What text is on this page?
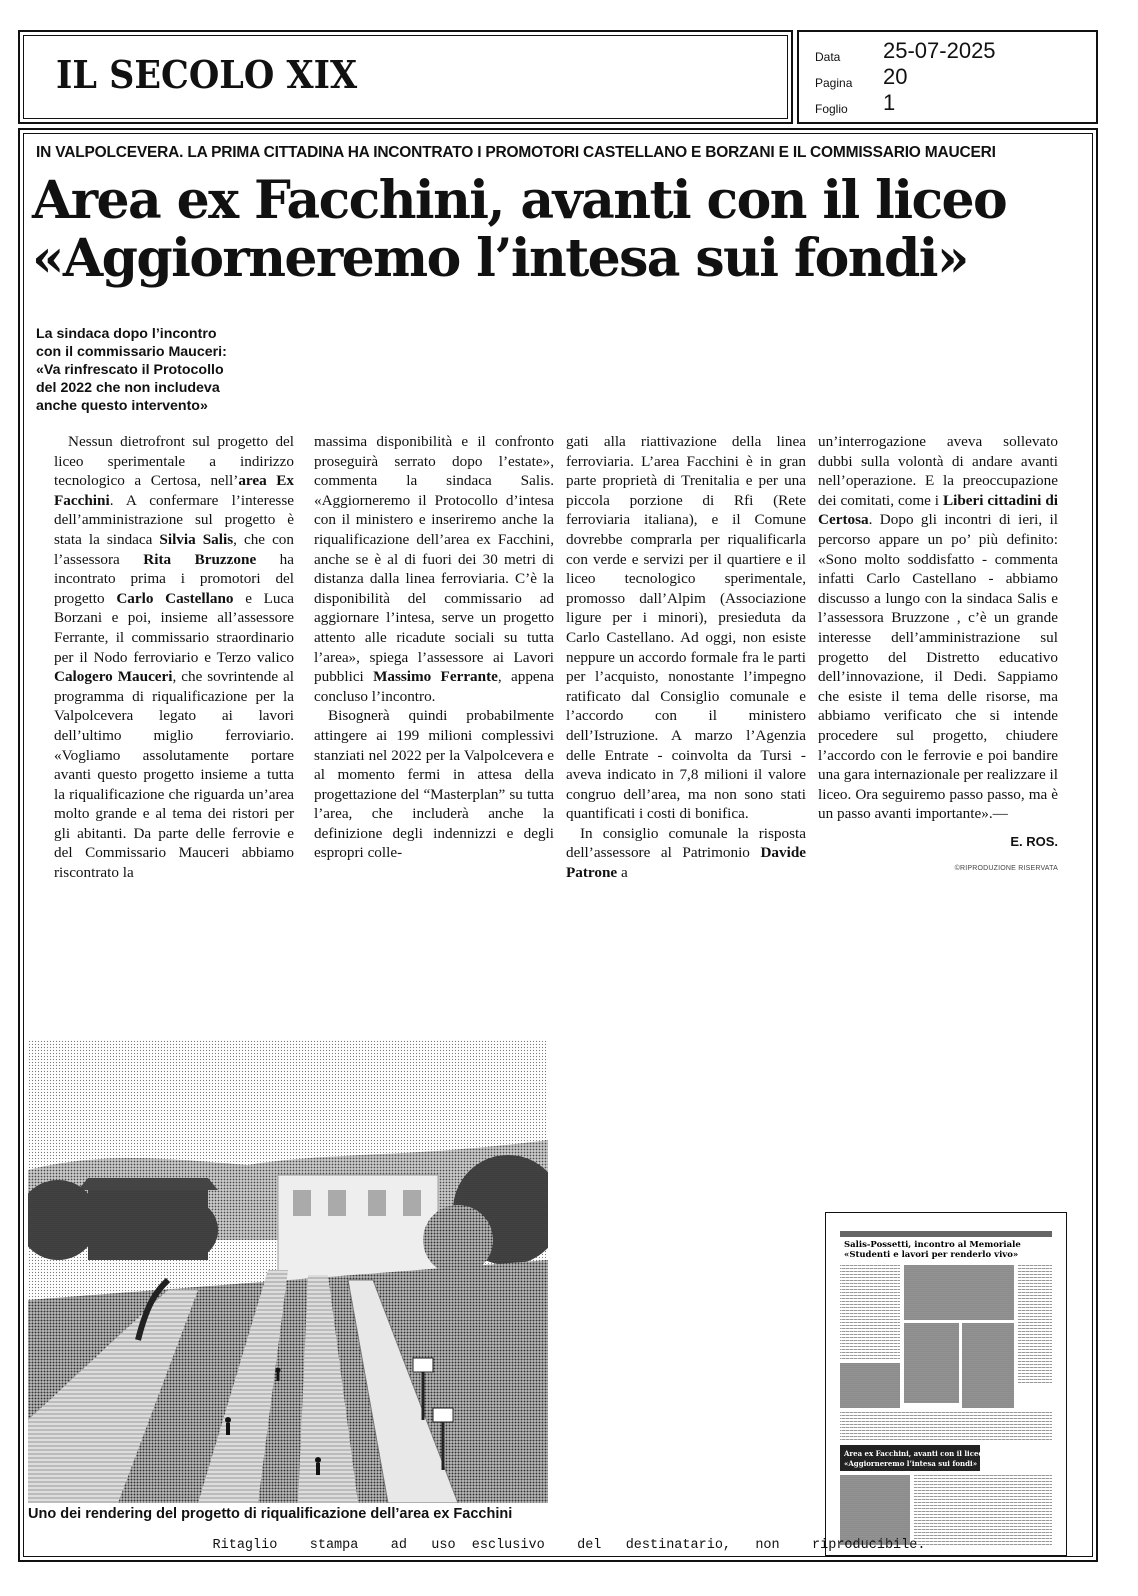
IL SECOLO XIX	Data	25-07-2025
Pagina	20
Foglio	1
IN VALPOLCEVERA. LA PRIMA CITTADINA HA INCONTRATO I PROMOTORI CASTELLANO E BORZANI E IL COMMISSARIO MAUCERI
Area ex Facchini, avanti con il liceo
«Aggiorneremo l’intesa sui fondi»
La sindaca dopo l’incontro
con il commissario Mauceri:
«Va rinfrescato il Protocollo
del 2022 che non includeva
anche questo intervento»

Nessun dietrofront sul progetto del liceo sperimentale a indirizzo tecnologico a Certosa, nell’area Ex Facchini. A confermare l’interesse dell’amministrazione sul progetto è stata la sindaca Silvia Salis, che con l’assessora Rita Bruzzone ha incontrato prima i promotori del progetto Carlo Castellano e Luca Borzani e poi, insieme all’assessore Ferrante, il commissario straordinario per il Nodo ferroviario e Terzo valico Calogero Mauceri, che sovrintende al programma di riqualificazione per la Valpolcevera legato ai lavori dell’ultimo miglio ferroviario. «Vogliamo assolutamente portare avanti questo progetto insieme a tutta la riqualificazione che riguarda un’area molto grande e al tema dei ristori per gli abitanti. Da parte delle ferrovie e del Commissario Mauceri abbiamo riscontrato la

massima disponibilità e il confronto proseguirà serrato dopo l’estate», commenta la sindaca Salis. «Aggiorneremo il Protocollo d’intesa con il ministero e inseriremo anche la riqualificazione dell’area ex Facchini, anche se è al di fuori dei 30 metri di distanza dalla linea ferroviaria. C’è la disponibilità del commissario ad aggiornare l’intesa, serve un progetto attento alle ricadute sociali su tutta l’area», spiega l’assessore ai Lavori pubblici Massimo Ferrante, appena concluso l’incontro.

Bisognerà quindi probabilmente attingere ai 199 milioni complessivi stanziati nel 2022 per la Valpolcevera e al momento fermi in attesa della progettazione del “Masterplan” su tutta l’area, che includerà anche la definizione degli indennizzi e degli espropri colle-

gati alla riattivazione della linea ferroviaria. L’area Facchini è in gran parte proprietà di Trenitalia e per una piccola porzione di Rfi (Rete ferroviaria italiana), e il Comune dovrebbe comprarla per riqualificarla con verde e servizi per il quartiere e il liceo tecnologico sperimentale, promosso dall’Alpim (Associazione ligure per i minori), presieduta da Carlo Castellano. Ad oggi, non esiste neppure un accordo formale fra le parti per l’acquisto, nonostante l’impegno ratificato dal Consiglio comunale e l’accordo con il ministero dell’Istruzione. A marzo l’Agenzia delle Entrate - coinvolta da Tursi - aveva indicato in 7,8 milioni il valore congruo dell’area, ma non sono stati quantificati i costi di bonifica.

In consiglio comunale la risposta dell’assessore al Patrimonio Davide Patrone a

un’interrogazione aveva sollevato dubbi sulla volontà di andare avanti nell’operazione. E la preoccupazione dei comitati, come i Liberi cittadini di Certosa. Dopo gli incontri di ieri, il percorso appare un po’ più definito: «Sono molto soddisfatto - commenta infatti Carlo Castellano - abbiamo discusso a lungo con la sindaca Salis e l’assessora Bruzzone , c’è un grande interesse dell’amministrazione sul progetto del Distretto educativo dell’innovazione, il Dedi. Sappiamo che esiste il tema delle risorse, ma abbiamo verificato che si intende procedere sul progetto, chiudere l’accordo con le ferrovie e poi bandire una gara internazionale per realizzare il liceo. Ora seguiremo passo passo, ma è un passo avanti importante».—

E. ROS.
©RIPRODUZIONE RISERVATA
Uno dei rendering del progetto di riqualificazione dell’area ex Facchini
Salis-Possetti, incontro al Memoriale
«Studenti e lavori per renderlo vivo»
Area ex Facchini, avanti con il liceo
«Aggiorneremo l’intesa sui fondi»
Ritaglio    stampa    ad   uso  esclusivo    del   destinatario,   non    riproducibile.
